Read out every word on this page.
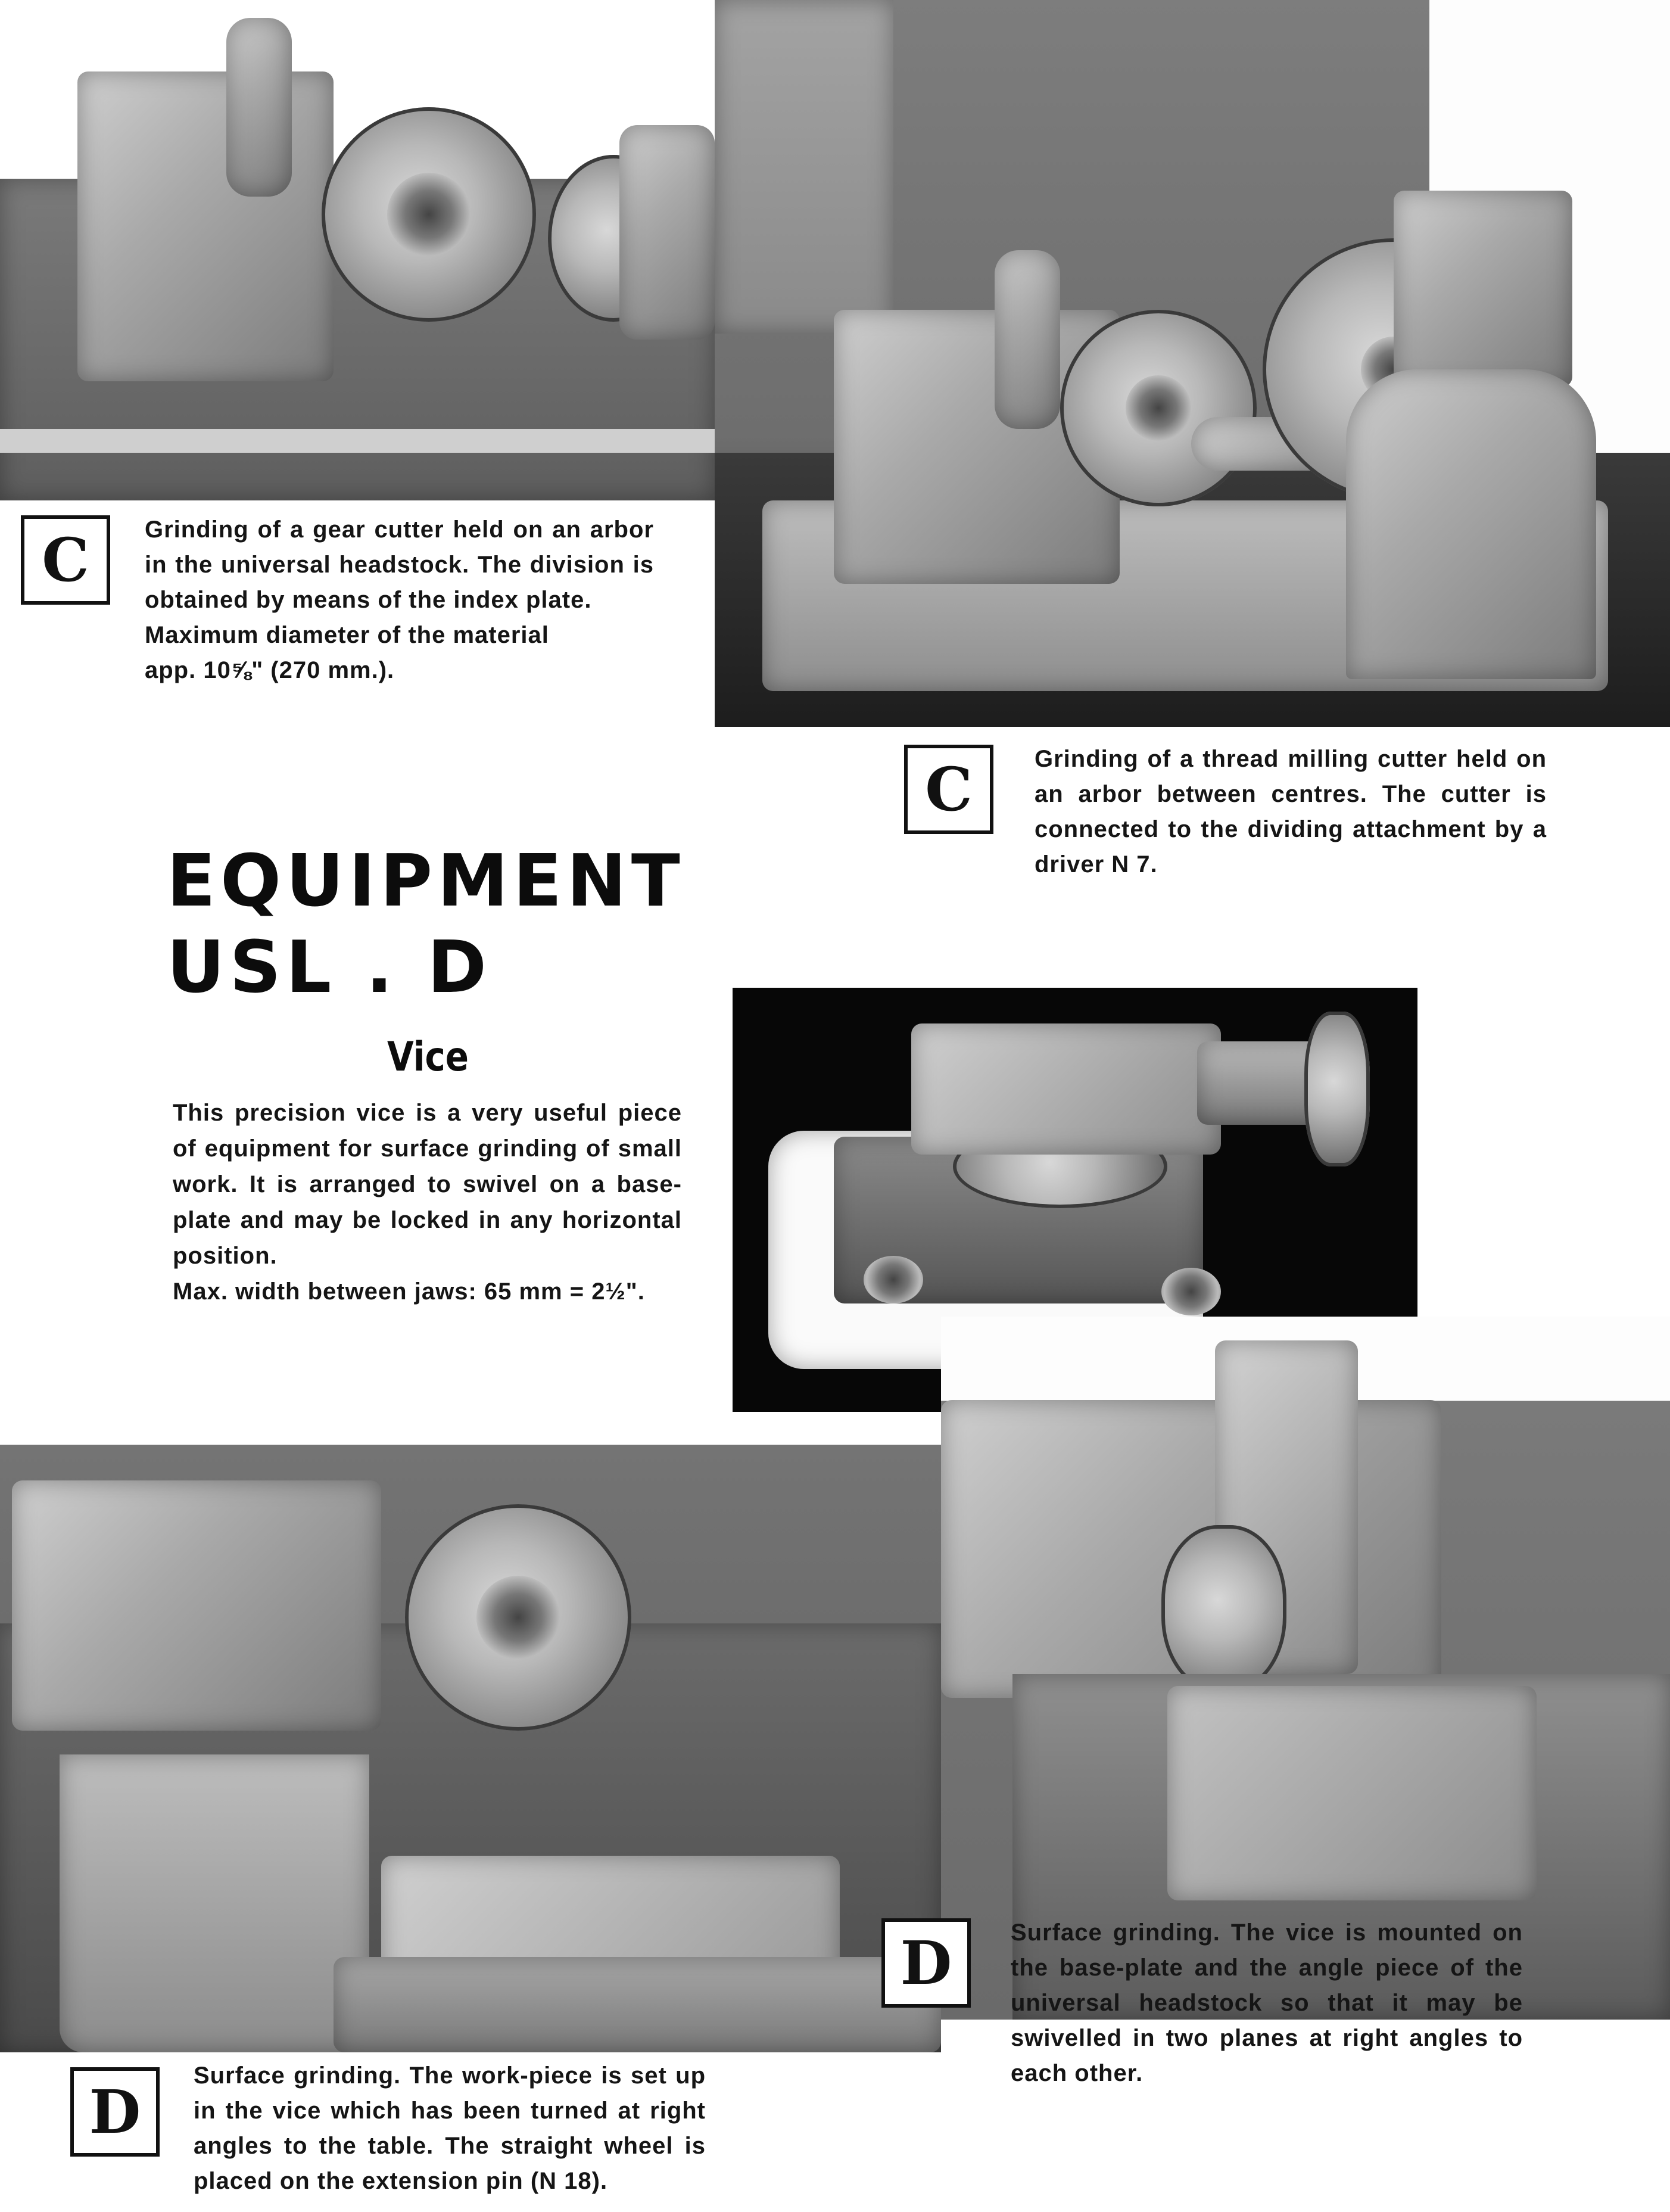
C	Grinding of a gear cutter held on an arbor in the universal headstock. The division is obtained by means of the index plate.

Maximum diameter of the material

app. 10⅝" (270 mm.).

C	Grinding of a thread milling cutter held on an arbor between centres. The cutter is connected to the dividing attachment by a driver N 7.
EQUIPMENT
USL . D
Vice

This precision vice is a very useful piece of equipment for surface grinding of small work. It is arranged to swivel on a base-plate and may be locked in any horizontal position.

Max. width between jaws: 65 mm = 2½".

D	Surface grinding. The vice is mounted on the base-plate and the angle piece of the universal headstock so that it may be swivelled in two planes at right angles to each other.
D
Surface grinding. The work-piece is set up in the vice which has been turned at right angles to the table. The straight wheel is placed on the extension pin (N 18).
